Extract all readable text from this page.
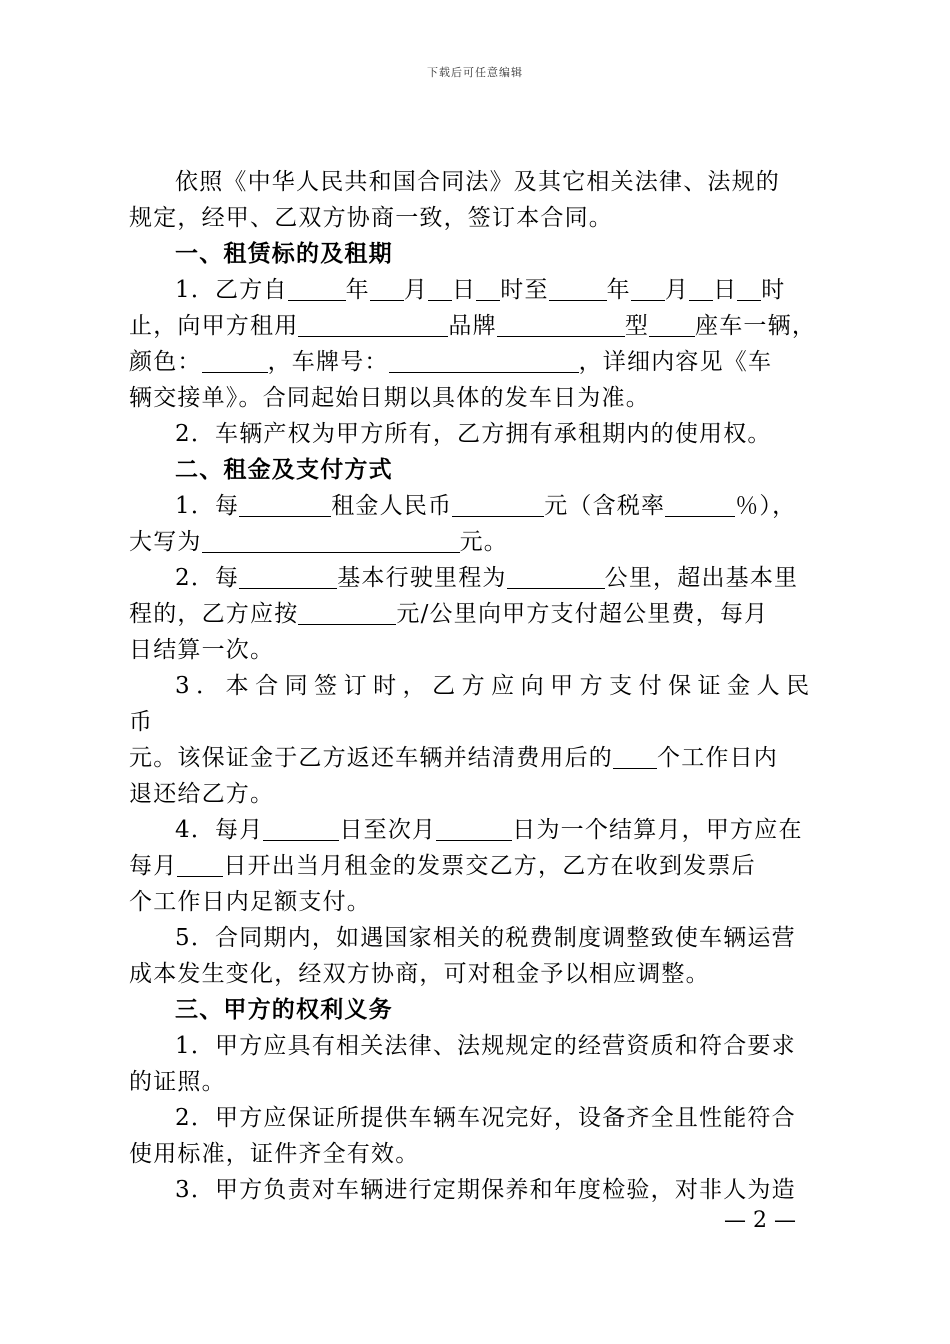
下载后可任意编辑

依照《中华人民共和国合同法》及其它相关法律、法规的

规定，经甲、乙双方协商一致，签订本合同。

一、租赁标的及租期

1．乙方自	年 月 日 时至	年 月 日 时

止，向甲方租用	品牌	型 座车一辆，

颜色：	，车牌号：	，详细内容见《车

辆交接单》。合同起始日期以具体的发车日为准。

2．车辆产权为甲方所有，乙方拥有承租期内的使用权。

二、租金及支付方式

1．每	租金人民币	元（含税率	％），

大写为	元。

2．每	基本行驶里程为	公里，超出基本里

程的，乙方应按	元/公里向甲方支付超公里费，每月

日结算一次。

3．本合同签订时，乙方应向甲方支付保证金人民币

元。该保证金于乙方返还车辆并结清费用后的 个工作日内

退还给乙方。

4．每月	日至次月	日为一个结算月，甲方应在

每月 日开出当月租金的发票交乙方，乙方在收到发票后

个工作日内足额支付。

5．合同期内，如遇国家相关的税费制度调整致使车辆运营

成本发生变化，经双方协商，可对租金予以相应调整。

三、甲方的权利义务

1．甲方应具有相关法律、法规规定的经营资质和符合要求

的证照。

2．甲方应保证所提供车辆车况完好，设备齐全且性能符合

使用标准，证件齐全有效。

3．甲方负责对车辆进行定期保养和年度检验，对非人为造

— 2 —
